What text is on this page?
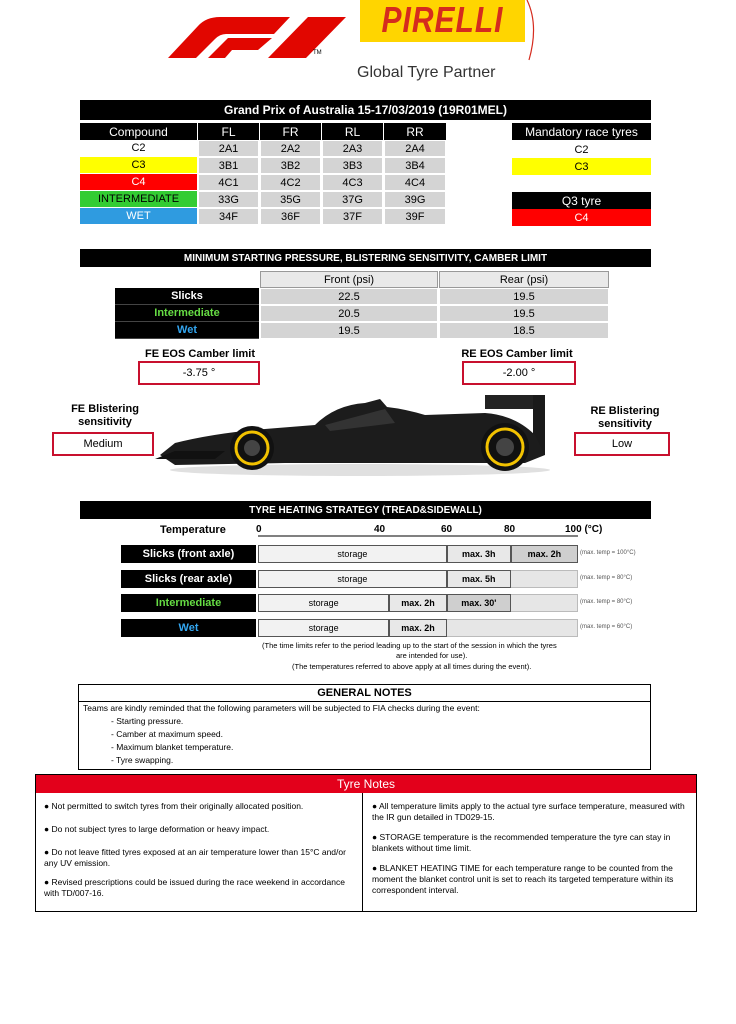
TM
PIRELLI
Global Tyre Partner
Grand Prix of Australia 15-17/03/2019 (19R01MEL)
Compound	FL	FR	RL	RR
C2	2A1	2A2	2A3	2A4
C3	3B1	3B2	3B3	3B4
C4	4C1	4C2	4C3	4C4
INTERMEDIATE	33G	35G	37G	39G
WET	34F	36F	37F	39F
Mandatory race tyres
C2
C3
Q3 tyre
C4
MINIMUM STARTING PRESSURE, BLISTERING SENSITIVITY, CAMBER LIMIT
Front (psi)	Rear (psi)
Slicks	22.5	19.5
Intermediate	20.5	19.5
Wet	19.5	18.5
FE EOS Camber limit
-3.75 °
RE EOS Camber limit
-2.00 °
FE Blistering
sensitivity
Medium
RE Blistering
sensitivity
Low
TYRE HEATING STRATEGY (TREAD&SIDEWALL)
Temperature	0	40	60	80	100 (°C)
Slicks (front axle)	storage	max. 3h	max. 2h	(max. temp = 100°C)
Slicks (rear axle)	storage	max. 5h	(max. temp = 80°C)
Intermediate	storage	max. 2h	max. 30'	(max. temp = 80°C)
Wet	storage	max. 2h	(max. temp = 60°C)
(The time limits refer to the period leading up to the start of the session in which the tyres
are intended for use).
(The temperatures referred to above apply at all times during the event).
GENERAL NOTES
Teams are kindly reminded that the following parameters will be subjected to FIA checks during the event:
- Starting pressure.
- Camber at maximum speed.
- Maximum blanket temperature.
- Tyre swapping.
Tyre Notes
● Not permitted to switch tyres from their originally allocated position.
● Do not subject tyres to large deformation or heavy impact.
● Do not leave fitted tyres exposed at an air temperature lower than 15°C and/or any UV emission.
● Revised prescriptions could be issued during the race weekend in accordance with TD/007-16.
● All temperature limits apply to the actual tyre surface temperature, measured with the IR gun detailed in TD029-15.
● STORAGE temperature is the recommended temperature the tyre can stay in blankets without time limit.
● BLANKET HEATING TIME for each temperature range to be counted from the moment the blanket control unit is set to reach its targeted temperature within its correspondent interval.
